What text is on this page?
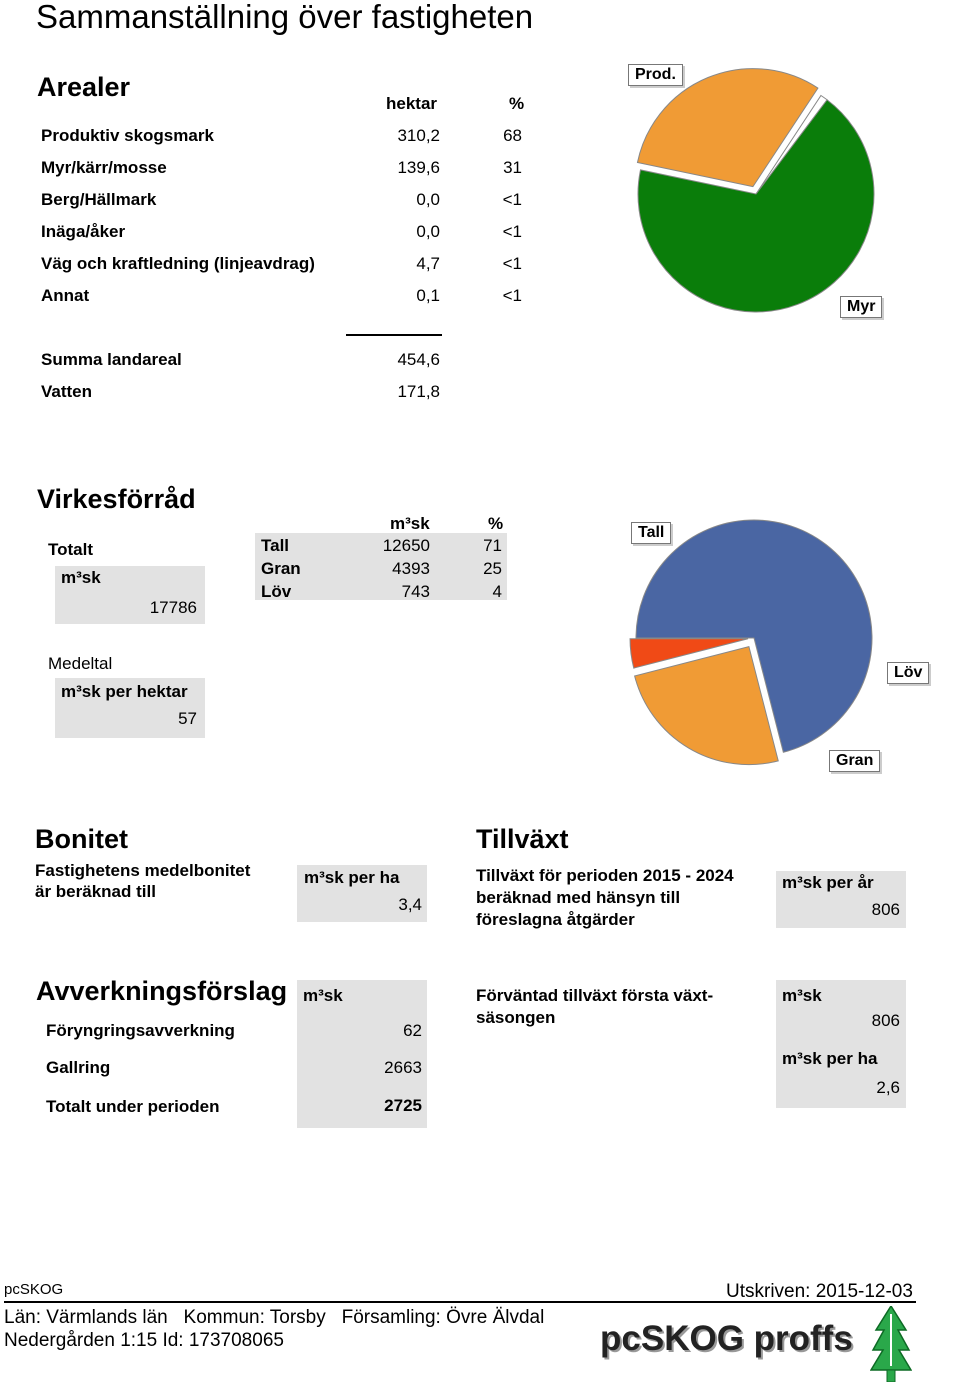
Sammanställning över fastigheten
Arealer
hektar	%
Produktiv skogsmark	310,2	68
Myr/kärr/mosse	139,6	31
Berg/Hällmark	0,0	<1
Inäga/åker	0,0	<1
Väg och kraftledning (linjeavdrag)	4,7	<1
Annat	0,1	<1
Summa landareal	454,6
Vatten	171,8
Prod.
Myr
Virkesförråd
Totalt
m³sk
17786
m³sk	%
Tall	12650	71
Gran	4393	25
Löv	743	4
Medeltal
m³sk per hektar
57
Tall
Löv
Gran
Bonitet
Fastighetens medelbonitet
är beräknad till
m³sk per ha
3,4
Tillväxt
Tillväxt för perioden 2015 - 2024
beräknad med hänsyn till
föreslagna åtgärder
m³sk per år
806
Avverkningsförslag m³sk
Föryngringsavverkning	62
Gallring	2663
Totalt under perioden	2725
Förväntad tillväxt första växt-
säsongen
m³sk
806
m³sk per ha
2,6
pcSKOG	Utskriven: 2015-12-03
Län: Värmlands län   Kommun: Torsby   Församling: Övre Älvdal
Nedergården 1:15 Id: 173708065	pcSKOG proffs
